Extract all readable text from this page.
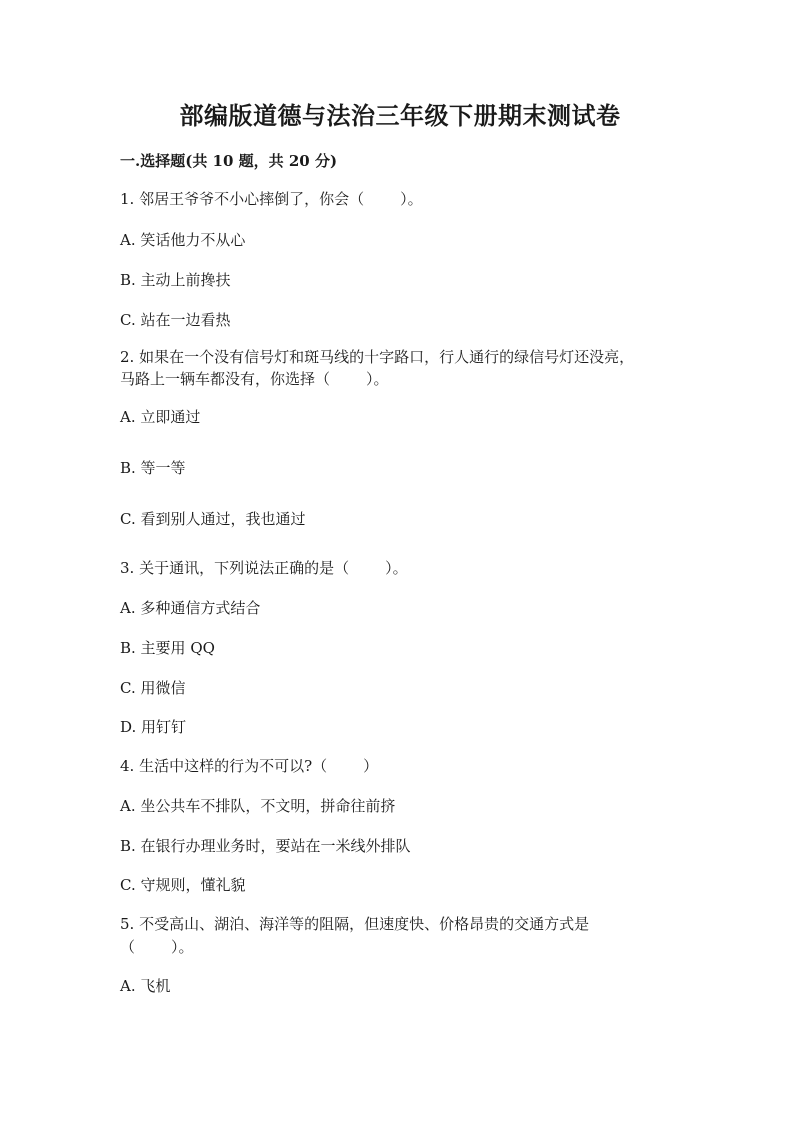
部编版道德与法治三年级下册期末测试卷
一.选择题(共 10 题，共 20 分)
1. 邻居王爷爷不小心摔倒了，你会（ ）。
A. 笑话他力不从心
B. 主动上前搀扶
C. 站在一边看热
2. 如果在一个没有信号灯和斑马线的十字路口，行人通行的绿信号灯还没亮，
马路上一辆车都没有，你选择（ ）。
A. 立即通过
B. 等一等
C. 看到别人通过，我也通过
3. 关于通讯，下列说法正确的是（ ）。
A. 多种通信方式结合
B. 主要用 QQ
C. 用微信
D. 用钉钉
4. 生活中这样的行为不可以?（ ）
A. 坐公共车不排队，不文明，拼命往前挤
B. 在银行办理业务时，要站在一米线外排队
C. 守规则，懂礼貌
5. 不受高山、湖泊、海洋等的阻隔，但速度快、价格昂贵的交通方式是
（ ）。
A. 飞机
